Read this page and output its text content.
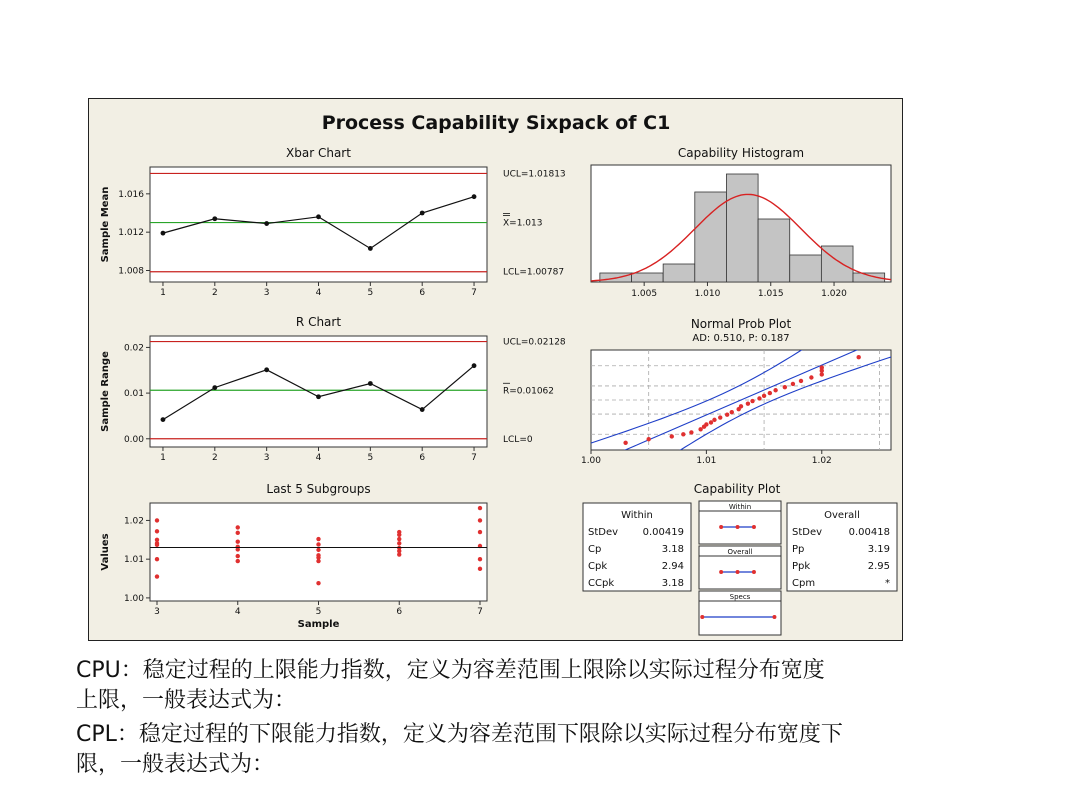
Process Capability Sixpack of C1
Xbar Chart
Sample Mean
1.008
1.012
1.016
1	2	3	4	5	6	7
UCL=1.01813
X=1.013
LCL=1.00787
R Chart
Sample Range
0.00
0.01
0.02
1	2	3	4	5	6	7
UCL=0.02128
R=0.01062
LCL=0
Last 5 Subgroups
Values
Sample
1.00
1.01
1.02
3	4	5	6	7
Capability Histogram
1.005	1.010	1.015	1.020
Normal Prob Plot
AD: 0.510, P: 0.187
1.00	1.01	1.02
Capability Plot
Within
StDev 0.00419
Cp	3.18
Cpk	2.94
CCpk	3.18
Overall
StDev	0.00418
Pp	3.19
Ppk	2.95
Cpm	*
Within
Overall
Specs
CPU：稳定过程的上限能力指数，定义为容差范围上限除以实际过程分布宽度
上限，一般表达式为：
CPL：稳定过程的下限能力指数，定义为容差范围下限除以实际过程分布宽度下
限，一般表达式为：
